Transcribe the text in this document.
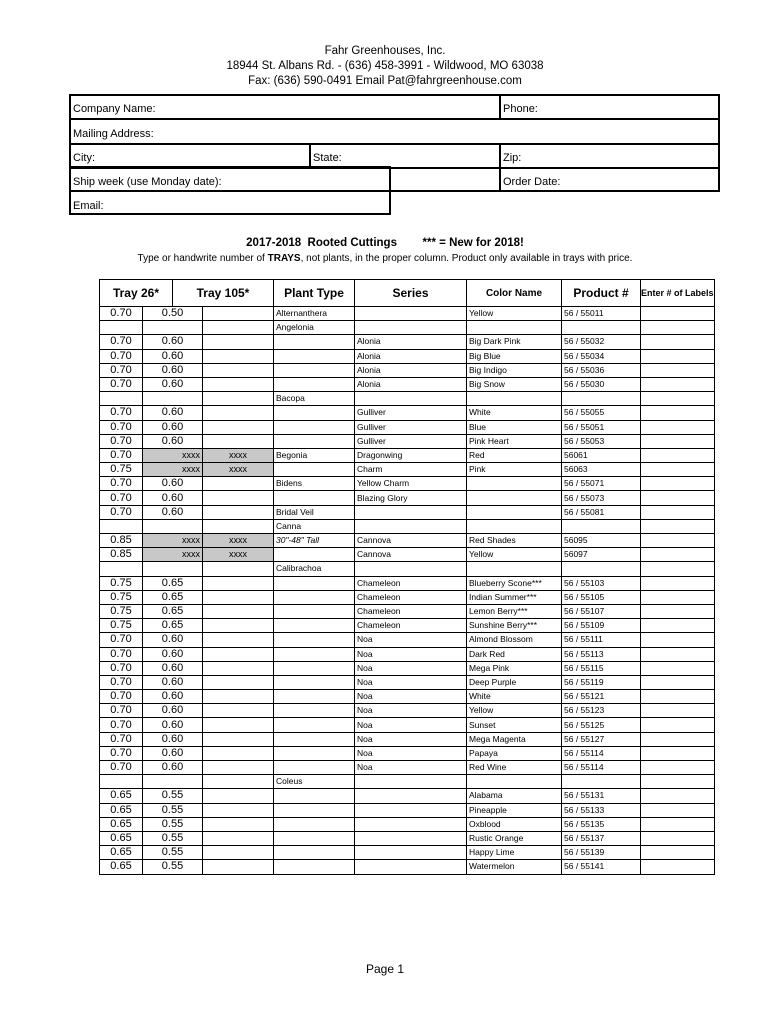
Fahr Greenhouses, Inc.
18944 St. Albans Rd. - (636) 458-3991 - Wildwood, MO 63038
Fax: (636) 590-0491 Email Pat@fahrgreenhouse.com
Company Name:	Phone:
Mailing Address:
City:	State:	Zip:
Ship week (use Monday date):	Order Date:
Email:
2017-2018  Rooted Cuttings        *** = New for 2018!
Type or handwrite number of TRAYS, not plants, in the proper column. Product only available in trays with price.
Tray 26*		Tray 105*		Plant Type	Series	Color Name	Product #	Enter # of Labels
0.70	0.50			Alternanthera		Yellow	56 / 55011	
				Angelonia				
0.70	0.60				Alonia	Big Dark Pink	56 / 55032	
0.70	0.60				Alonia	Big Blue	56 / 55034	
0.70	0.60				Alonia	Big Indigo	56 / 55036	
0.70	0.60				Alonia	Big Snow	56 / 55030	
				Bacopa				
0.70	0.60				Gulliver	White	56 / 55055	
0.70	0.60				Gulliver	Blue	56 / 55051	
0.70	0.60				Gulliver	Pink Heart	56 / 55053	
0.70	xxxx		xxxx	Begonia	Dragonwing	Red	56061	
0.75	xxxx		xxxx		Charm	Pink	56063	
0.70	0.60			Bidens	Yellow Charm		56 / 55071	
0.70	0.60				Blazing Glory		56 / 55073	
0.70	0.60			Bridal Veil			56 / 55081	
				Canna				
0.85	xxxx		xxxx	30"-48" Tall	Cannova	Red Shades	56095	
0.85	xxxx		xxxx		Cannova	Yellow	56097	
				Calibrachoa				
0.75	0.65				Chameleon	Blueberry Scone***	56 / 55103	
0.75	0.65				Chameleon	Indian Summer***	56 / 55105	
0.75	0.65				Chameleon	Lemon Berry***	56 / 55107	
0.75	0.65				Chameleon	Sunshine Berry***	56 / 55109	
0.70	0.60				Noa	Almond Blossom	56 / 55111	
0.70	0.60				Noa	Dark Red	56 / 55113	
0.70	0.60				Noa	Mega Pink	56 / 55115	
0.70	0.60				Noa	Deep Purple	56 / 55119	
0.70	0.60				Noa	White	56 / 55121	
0.70	0.60				Noa	Yellow	56 / 55123	
0.70	0.60				Noa	Sunset	56 / 55125	
0.70	0.60				Noa	Mega Magenta	56 / 55127	
0.70	0.60				Noa	Papaya	56 / 55114	
0.70	0.60				Noa	Red Wine	56 / 55114	
				Coleus				
0.65	0.55					Alabama	56 / 55131	
0.65	0.55					Pineapple	56 / 55133	
0.65	0.55					Oxblood	56 / 55135	
0.65	0.55					Rustic Orange	56 / 55137	
0.65	0.55					Happy Lime	56 / 55139	
0.65	0.55					Watermelon	56 / 55141	
Page 1
